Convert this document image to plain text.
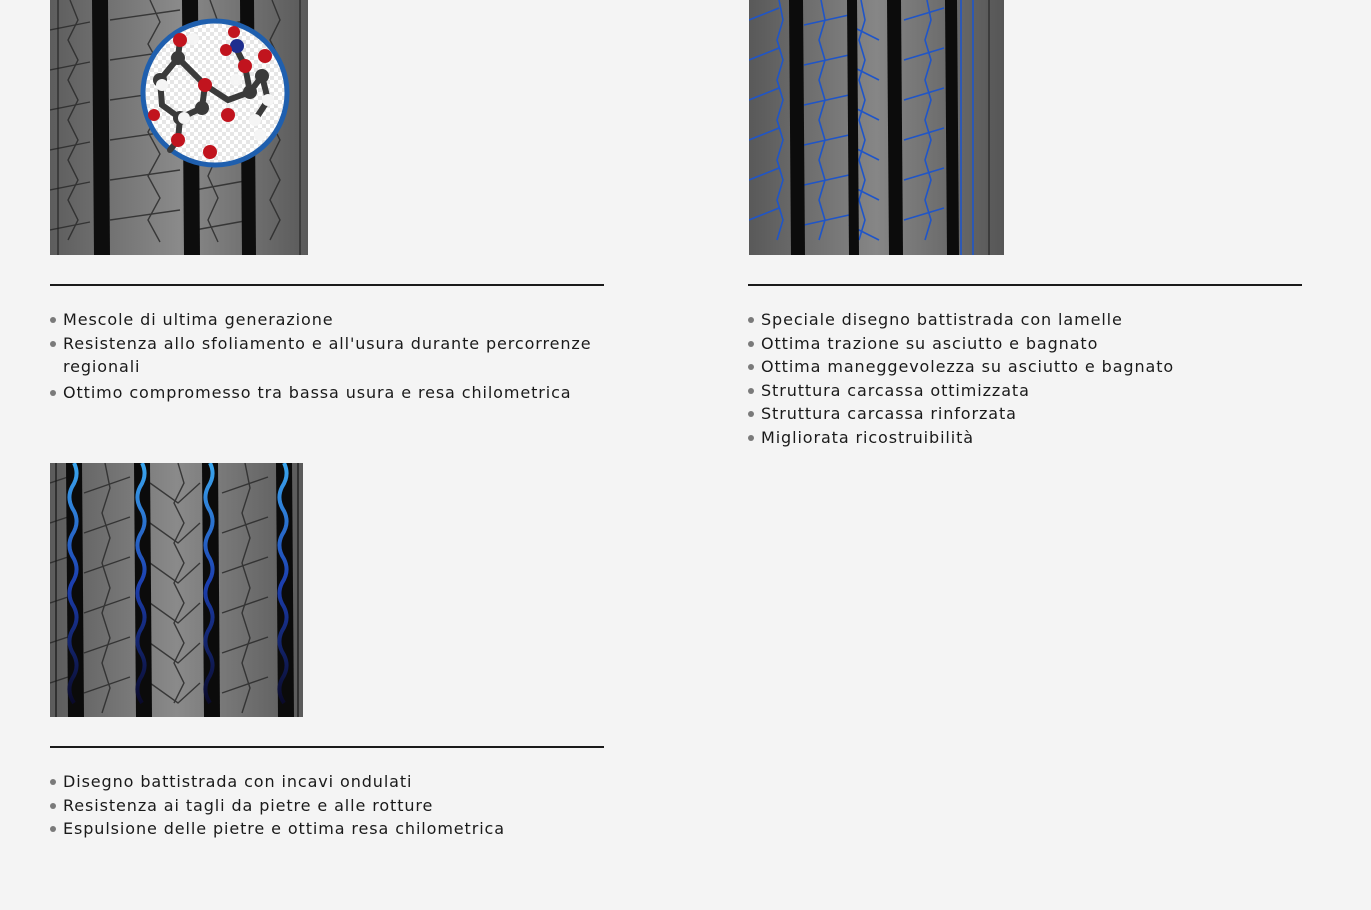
Mescole di ultima generazione
Resistenza allo sfoliamento e all'usura durante percorrenze regionali
Ottimo compromesso tra bassa usura e resa chilometrica
Speciale disegno battistrada con lamelle
Ottima trazione su asciutto e bagnato
Ottima maneggevolezza su asciutto e bagnato
Struttura carcassa ottimizzata
Struttura carcassa rinforzata
Migliorata ricostruibilità
Disegno battistrada con incavi ondulati
Resistenza ai tagli da pietre e alle rotture
Espulsione delle pietre e ottima resa chilometrica
